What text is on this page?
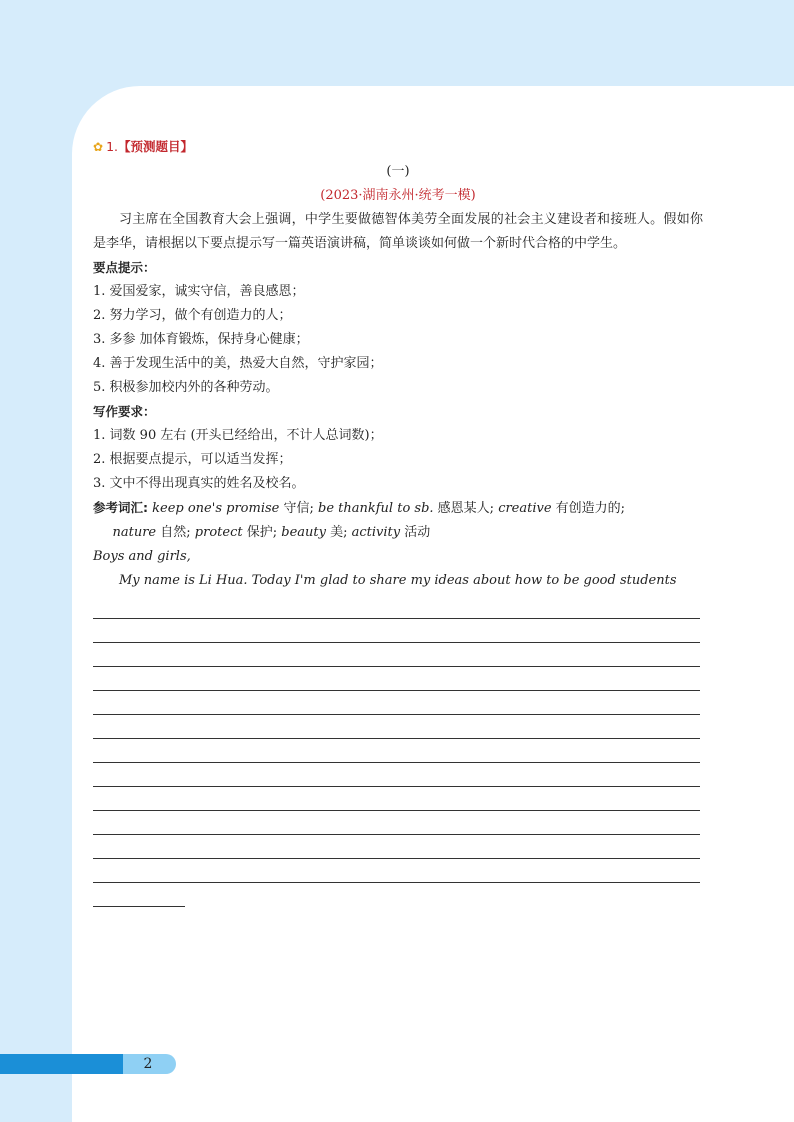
✿ 1. 【预测题目】
(一)
(2023·湖南永州·统考一模)
习主席在全国教育大会上强调，中学生要做德智体美劳全面发展的社会主义建设者和接班人。假如你是李华，请根据以下要点提示写一篇英语演讲稿，简单谈谈如何做一个新时代合格的中学生。
要点提示：
1. 爱国爱家，诚实守信，善良感恩；
2. 努力学习，做个有创造力的人；
3. 多参 加体育锻炼，保持身心健康；
4. 善于发现生活中的美，热爱大自然，守护家园；
5. 积极参加校内外的各种劳动。
写作要求：
1. 词数 90 左右 (开头已经给出，不计人总词数)；
2. 根据要点提示，可以适当发挥；
3. 文中不得出现真实的姓名及校名。
参考词汇: keep one's promise 守信; be thankful to sb. 感恩某人; creative 有创造力的;
nature 自然; protect 保护; beauty 美; activity 活动
Boys and girls,
My name is Li Hua. Today I'm glad to share my ideas about how to be good students
2
